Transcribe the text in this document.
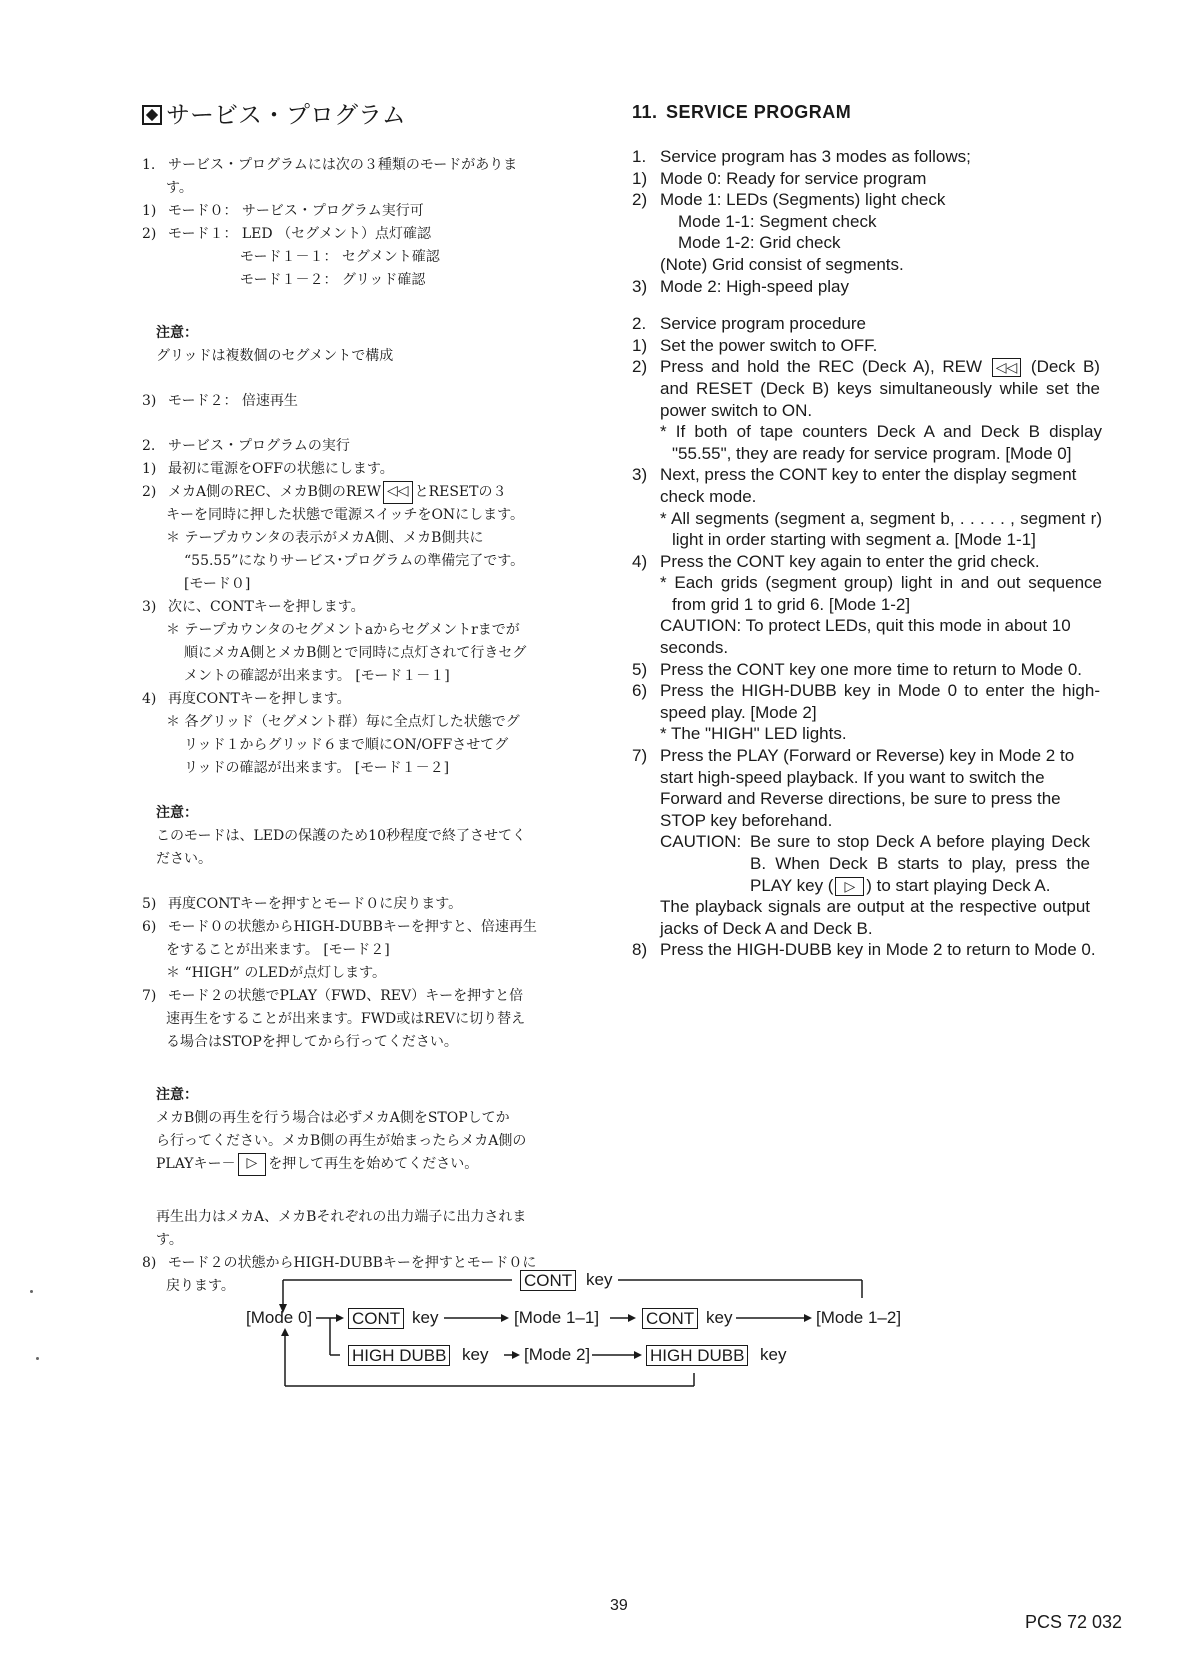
サービス・プログラム
1. サービス・プログラムには次の３種類のモードがありま
す。
1) モード０： サービス・プログラム実行可
2) モード１： LED （セグメント）点灯確認
モード１－１： セグメント確認
モード１－２： グリッド確認
注意：
グリッドは複数個のセグメントで構成
3) モード２： 倍速再生
2. サービス・プログラムの実行
1) 最初に電源をOFFの状態にします。
2) メカA側のREC、メカB側のREW ◁◁ とRESETの３
キーを同時に押した状態で電源スイッチをONにします。
＊ テープカウンタの表示がメカA側、メカB側共に
“55.55”になりサービス･プログラムの準備完了です。
[モード０]
3) 次に、CONTキーを押します。
＊ テープカウンタのセグメントaからセグメントrまでが
順にメカA側とメカB側とで同時に点灯されて行きセグ
メントの確認が出来ます。 [モード１－１]
4) 再度CONTキーを押します。
＊ 各グリッド（セグメント群）毎に全点灯した状態でグ
リッド１からグリッド６まで順にON/OFFさせてグ
リッドの確認が出来ます。 [モード１－２]
注意：
このモードは、LEDの保護のため10秒程度で終了させてく
ださい。
5) 再度CONTキーを押すとモード０に戻ります。
6) モード０の状態からHIGH-DUBBキーを押すと、倍速再生
をすることが出来ます。 [モード２]
＊ “HIGH” のLEDが点灯します。
7) モード２の状態でPLAY（FWD、REV）キーを押すと倍
速再生をすることが出来ます。FWD或はREVに切り替え
る場合はSTOPを押してから行ってください。
注意：
メカB側の再生を行う場合は必ずメカA側をSTOPしてか
ら行ってください。メカB側の再生が始まったらメカA側の
PLAYキー－ ▷ を押して再生を始めてください。
再生出力はメカA、メカBそれぞれの出力端子に出力されま
す。
8) モード２の状態からHIGH-DUBBキーを押すとモード０に
戻ります。
11. SERVICE PROGRAM
1. Service program has 3 modes as follows;
1) Mode 0: Ready for service program
2) Mode 1: LEDs (Segments) light check
Mode 1-1: Segment check
Mode 1-2: Grid check
(Note) Grid consist of segments.
3) Mode 2: High-speed play
2. Service program procedure
1) Set the power switch to OFF.
2) Press and hold the REC (Deck A), REW ◁◁ (Deck B) and RESET (Deck B) keys simultaneously while set the power switch to ON.
* If both of tape counters Deck A and Deck B display "55.55", they are ready for service program. [Mode 0]
3) Next, press the CONT key to enter the display segment check mode.
* All segments (segment a, segment b, . . . . . , segment r) light in order starting with segment a. [Mode 1-1]
4) Press the CONT key again to enter the grid check.
* Each grids (segment group) light in and out sequence from grid 1 to grid 6. [Mode 1-2]
CAUTION: To protect LEDs, quit this mode in about 10 seconds.
5) Press the CONT key one more time to return to Mode 0.
6) Press the HIGH-DUBB key in Mode 0 to enter the high-speed play. [Mode 2]
* The "HIGH" LED lights.
7) Press the PLAY (Forward or Reverse) key in Mode 2 to start high-speed playback. If you want to switch the Forward and Reverse directions, be sure to press the STOP key beforehand.
CAUTION: Be sure to stop Deck A before playing Deck B. When Deck B starts to play, press the PLAY key ( ▷ ) to start playing Deck A.
The playback signals are output at the respective output jacks of Deck A and Deck B.
8) Press the HIGH-DUBB key in Mode 2 to return to Mode 0.
CONT key
[Mode 0] CONT key	[Mode 1–1]	CONT key	[Mode 1–2]
HIGH DUBB key [Mode 2]	HIGH DUBB key
39
PCS 72 032
